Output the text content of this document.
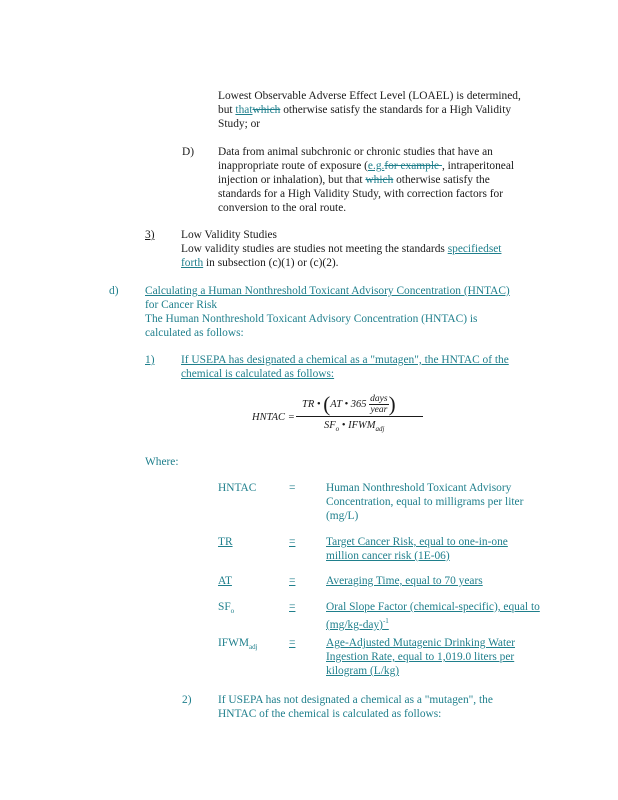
Lowest Observable Adverse Effect Level (LOAEL) is determined,
but thatwhich otherwise satisfy the standards for a High Validity
Study; or
D) Data from animal subchronic or chronic studies that have an
inappropriate route of exposure (e.g.for example , intraperitoneal
injection or inhalation), but that which otherwise satisfy the
standards for a High Validity Study, with correction factors for
conversion to the oral route.
3) Low Validity Studies
Low validity studies are studies not meeting the standards specifiedset
forth in subsection (c)(1) or (c)(2).
d) Calculating a Human Nonthreshold Toxicant Advisory Concentration (HNTAC)
for Cancer Risk
The Human Nonthreshold Toxicant Advisory Concentration (HNTAC) is
calculated as follows:
1) If USEPA has designated a chemical as a "mutagen", the HNTAC of the
chemical is calculated as follows:
HNTAC =
TR • (AT • $365 \frac{\text{days}}{\text{year}}$ )
$SF_o$ • $IFWM_{adj}$
Where:
HNTAC	=	Human Nonthreshold Toxicant Advisory Concentration, equal to milligrams per liter (mg/L)
TR	=	Target Cancer Risk, equal to one-in-one million cancer risk (1E-06)
AT	=	Averaging Time, equal to 70 years
$SF_o$	=	Oral Slope Factor (chemical-specific), equal to $(mg/kg-day)^{-1}$
$IFWM_{adj}$	=	Age-Adjusted Mutagenic Drinking Water Ingestion Rate, equal to 1,019.0 liters per kilogram (L/kg)
2) If USEPA has not designated a chemical as a "mutagen", the
HNTAC of the chemical is calculated as follows:
